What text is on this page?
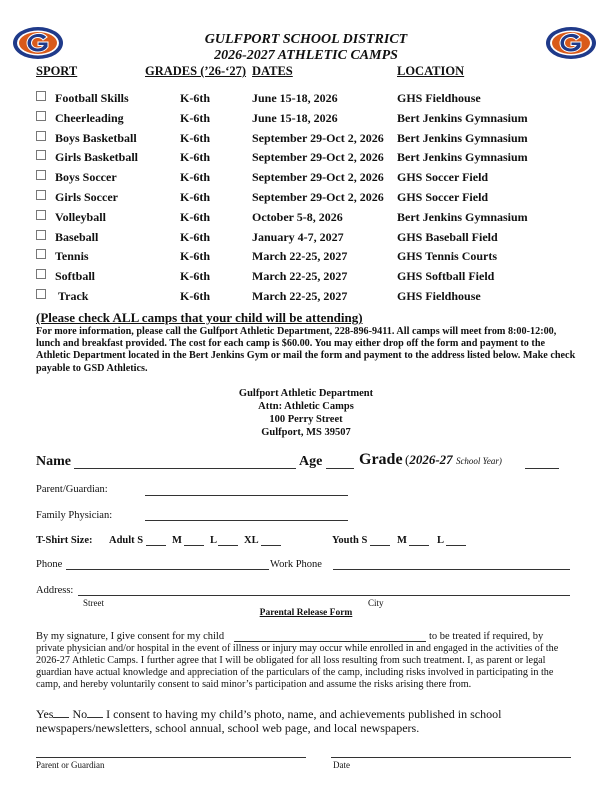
GULFPORT SCHOOL DISTRICT
2026-2027 ATHLETIC CAMPS
SPORT	GRADES (’26-‘27) DATES	LOCATION
Football Skills	K-6th	June 15-18, 2026	GHS Fieldhouse
Cheerleading	K-6th	June 15-18, 2026	Bert Jenkins Gymnasium
Boys Basketball	K-6th	September 29-Oct 2, 2026 Bert Jenkins Gymnasium
Girls Basketball	K-6th	September 29-Oct 2, 2026 Bert Jenkins Gymnasium
Boys Soccer	K-6th	September 29-Oct 2, 2026 GHS Soccer Field
Girls Soccer	K-6th	September 29-Oct 2, 2026 GHS Soccer Field
Volleyball	K-6th	October 5-8, 2026	Bert Jenkins Gymnasium
Baseball	K-6th	January 4-7, 2027	GHS Baseball Field
Tennis	K-6th	March 22-25, 2027	GHS Tennis Courts
Softball	K-6th	March 22-25, 2027	GHS Softball Field
Track	K-6th	March 22-25, 2027	GHS Fieldhouse
(Please check ALL camps that your child will be attending)
For more information, please call the Gulfport Athletic Department, 228-896-9411. All camps will meet from 8:00-12:00, lunch and breakfast provided. The cost for each camp is $60.00. You may either drop off the form and payment to the Athletic Department located in the Bert Jenkins Gym or mail the form and payment to the address listed below. Make check payable to GSD Athletics.
Gulfport Athletic Department
Attn: Athletic Camps
100 Perry Street
Gulfport, MS 39507
Name	Age Grade (2026-27 School Year)
Parent/Guardian:
Family Physician:
T-Shirt Size: Adult S	M	L	XL	Youth S	M	L
Phone	Work Phone
Address:
Street	City
Parental Release Form
By my signature, I give consent for my child	to be treated if required, by
private physician and/or hospital in the event of illness or injury may occur while enrolled in and engaged in the activities of the 2026-27 Athletic Camps. I further agree that I will be obligated for all loss resulting from such treatment. I, as parent or legal guardian have actual knowledge and appreciation of the particulars of the camp, including risks involved in participating in the camp, and hereby voluntarily consent to said minor’s participation and assume the risks arising there from.
Yes No I consent to having my child’s photo, name, and achievements published in school newspapers/newsletters, school annual, school web page, and local newspapers.
Parent or Guardian	Date
